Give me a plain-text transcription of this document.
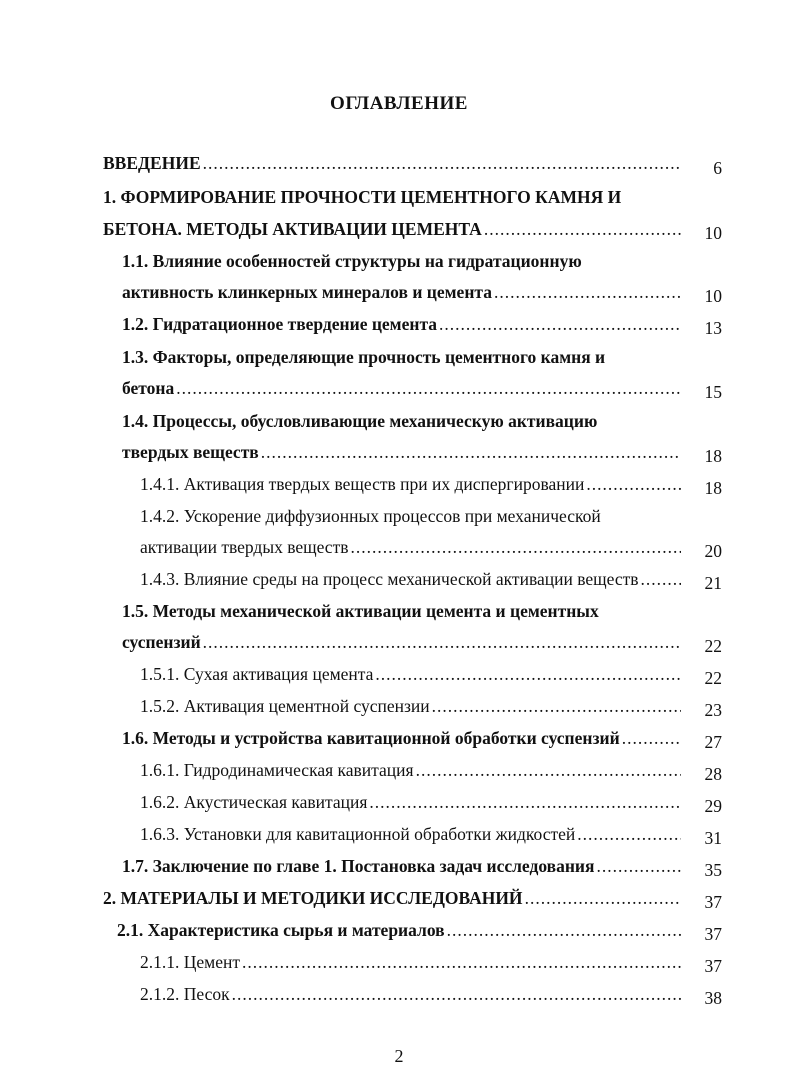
ОГЛАВЛЕНИЕ
ВВЕДЕНИЕ .....	6
1. ФОРМИРОВАНИЕ ПРОЧНОСТИ ЦЕМЕНТНОГО КАМНЯ И
БЕТОНА. МЕТОДЫ АКТИВАЦИИ ЦЕМЕНТА .....	10
1.1. Влияние особенностей структуры на гидратационную
активность клинкерных минералов и цемента .....	10
1.2. Гидратационное твердение цемента .....	13
1.3. Факторы, определяющие прочность цементного камня и
бетона .....	15
1.4. Процессы, обусловливающие механическую активацию
твердых веществ .....	18
1.4.1. Активация твердых веществ при их диспергировании .....	18
1.4.2. Ускорение диффузионных процессов при механической
активации твердых веществ .....	20
1.4.3. Влияние среды на процесс механической активации веществ .....	21
1.5. Методы механической активации цемента и цементных
суспензий .....	22
1.5.1. Сухая активация цемента .....	22
1.5.2. Активация цементной суспензии .....	23
1.6. Методы и устройства кавитационной обработки суспензий .....	27
1.6.1. Гидродинамическая кавитация .....	28
1.6.2. Акустическая кавитация .....	29
1.6.3. Установки для кавитационной обработки жидкостей .....	31
1.7. Заключение по главе 1. Постановка задач исследования .....	35
2. МАТЕРИАЛЫ И МЕТОДИКИ ИССЛЕДОВАНИЙ .....	37
2.1. Характеристика сырья и материалов .....	37
2.1.1. Цемент .....	37
2.1.2. Песок .....	38
2
